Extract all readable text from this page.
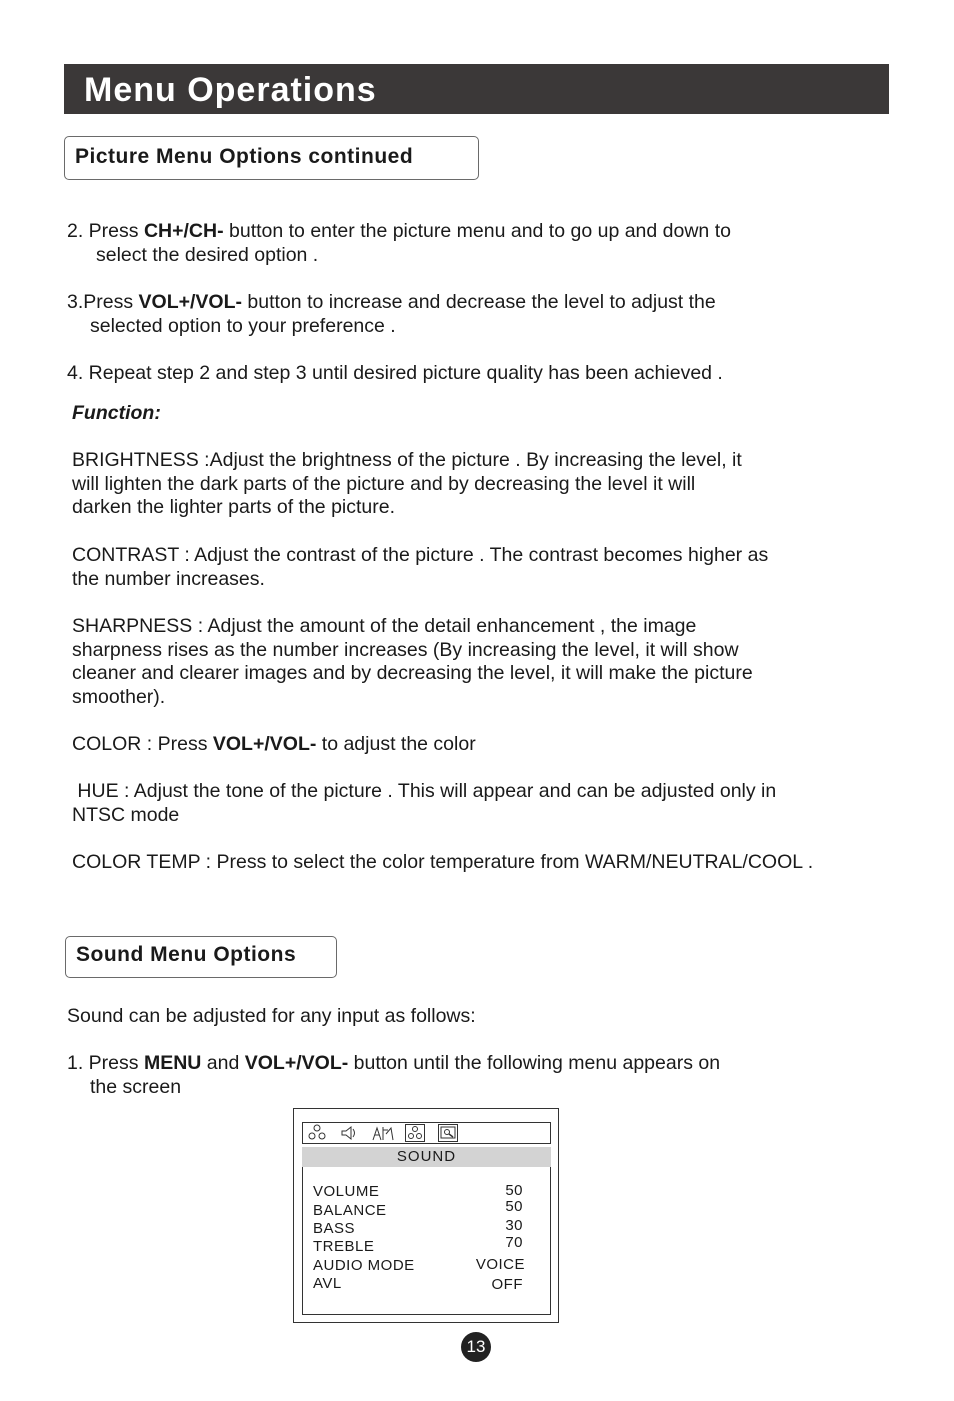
Menu Operations
Picture Menu Options continued

2. Press CH+/CH- button to enter the picture menu and to go up and down to
select the desired option .

3.Press VOL+/VOL- button to increase and decrease the level to adjust the
selected option to your preference .

4. Repeat step 2 and step 3 until desired picture quality has been achieved .

Function:

BRIGHTNESS :Adjust the brightness of the picture . By increasing the level, it
will lighten the dark parts of the picture and by decreasing the level it will
darken the lighter parts of the picture.

CONTRAST : Adjust the contrast of the picture . The contrast becomes higher as
the number increases.

SHARPNESS : Adjust the amount of the detail enhancement , the image
sharpness rises as the number increases (By increasing the level, it will show
cleaner and clearer images and by decreasing the level, it will make the picture
smoother).

COLOR : Press VOL+/VOL- to adjust the color

HUE : Adjust the tone of the picture . This will appear and can be adjusted only in
NTSC mode

COLOR TEMP : Press to select the color temperature from WARM/NEUTRAL/COOL .

Sound Menu Options

Sound can be adjusted for any input as follows:

1. Press MENU and VOL+/VOL- button until the following menu appears on
the screen

SOUND
VOLUME
BALANCE
BASS
TREBLE
AUDIO MODE
AVL
50
50
30
70
VOICE
OFF
13
